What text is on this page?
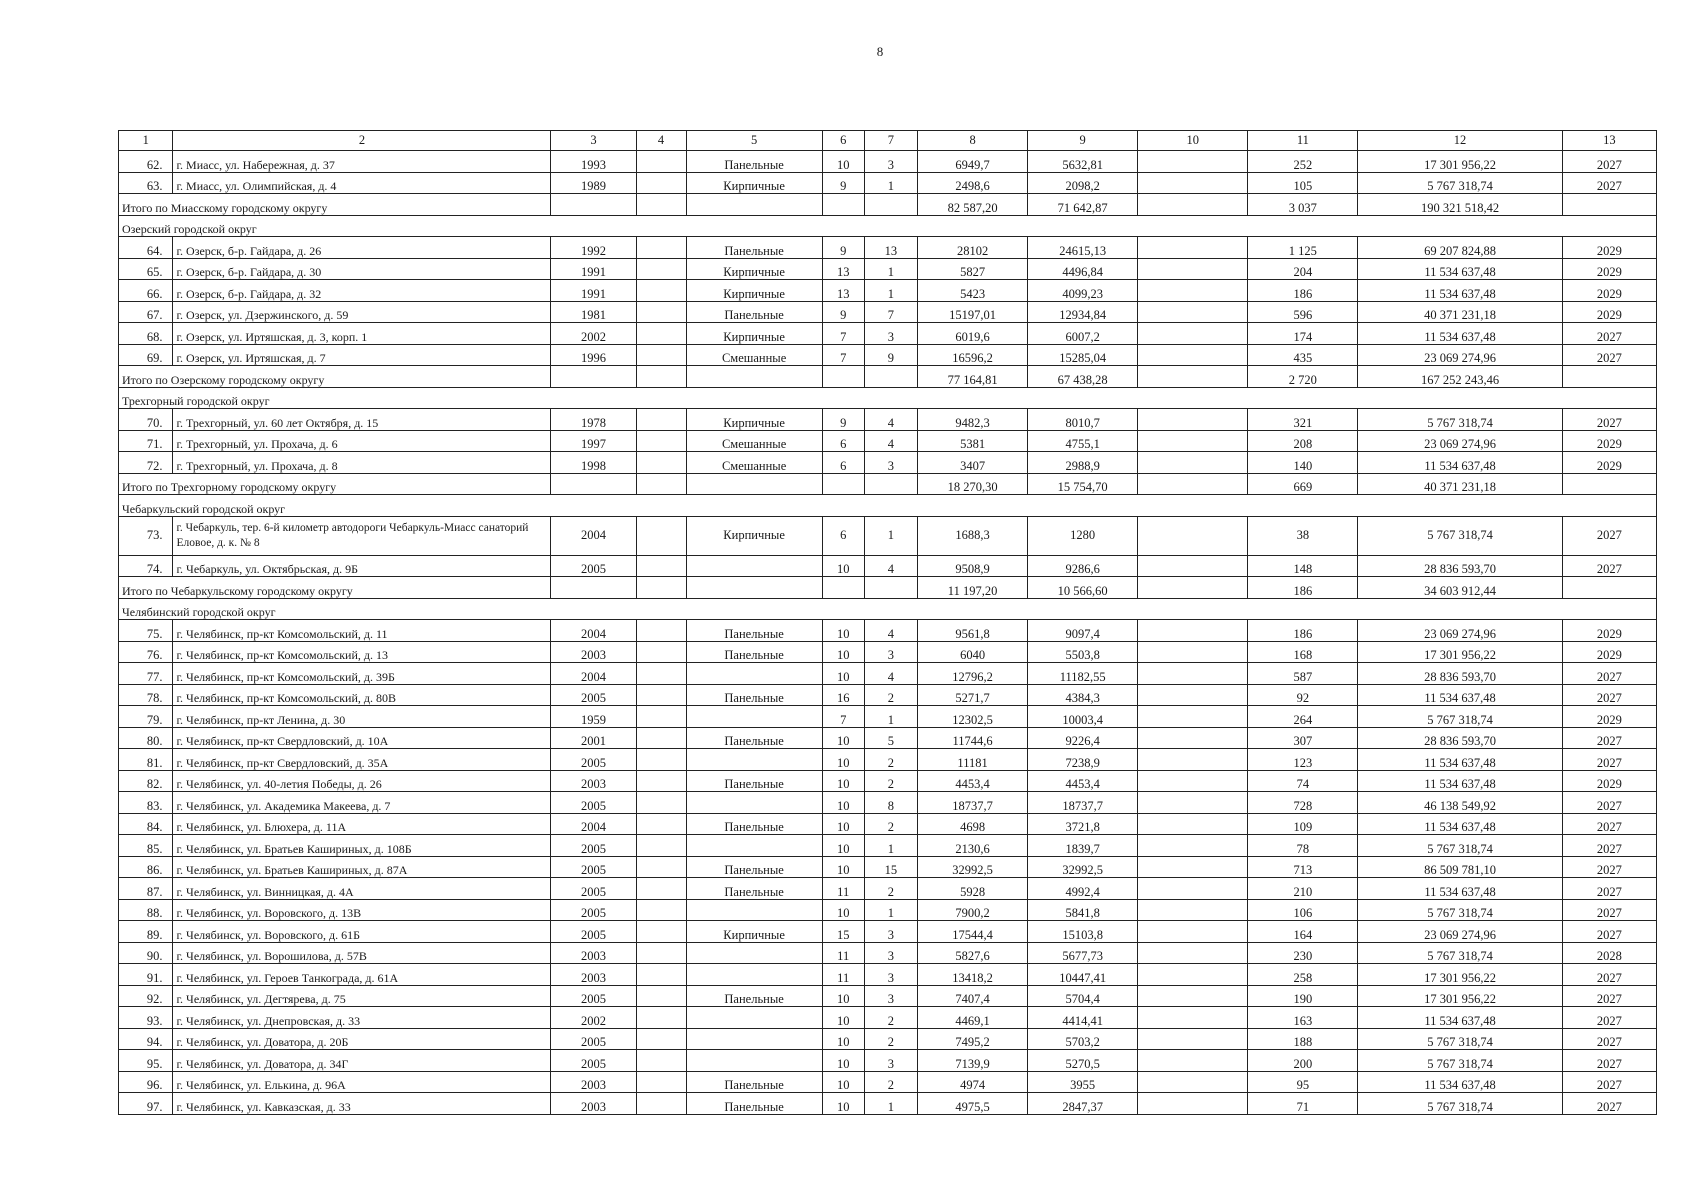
8
1	2	3	4	5	6	7	8	9	10	11	12	13
62.	г. Миасс, ул. Набережная, д. 37	1993		Панельные	10	3	6949,7	5632,81		252	17 301 956,22	2027
63.	г. Миасс, ул. Олимпийская, д. 4	1989		Кирпичные	9	1	2498,6	2098,2		105	5 767 318,74	2027
Итого по Миасскому городскому округу							82 587,20	71 642,87		3 037	190 321 518,42	
Озерский городской округ												
64.	г. Озерск, б-р. Гайдара, д. 26	1992		Панельные	9	13	28102	24615,13		1 125	69 207 824,88	2029
65.	г. Озерск, б-р. Гайдара, д. 30	1991		Кирпичные	13	1	5827	4496,84		204	11 534 637,48	2029
66.	г. Озерск, б-р. Гайдара, д. 32	1991		Кирпичные	13	1	5423	4099,23		186	11 534 637,48	2029
67.	г. Озерск, ул. Дзержинского, д. 59	1981		Панельные	9	7	15197,01	12934,84		596	40 371 231,18	2029
68.	г. Озерск, ул. Иртяшская, д. 3, корп. 1	2002		Кирпичные	7	3	6019,6	6007,2		174	11 534 637,48	2027
69.	г. Озерск, ул. Иртяшская, д. 7	1996		Смешанные	7	9	16596,2	15285,04		435	23 069 274,96	2027
Итого по Озерскому городскому округу							77 164,81	67 438,28		2 720	167 252 243,46	
Трехгорный городской округ												
70.	г. Трехгорный, ул. 60 лет Октября, д. 15	1978		Кирпичные	9	4	9482,3	8010,7		321	5 767 318,74	2027
71.	г. Трехгорный, ул. Прохача, д. 6	1997		Смешанные	6	4	5381	4755,1		208	23 069 274,96	2029
72.	г. Трехгорный, ул. Прохача, д. 8	1998		Смешанные	6	3	3407	2988,9		140	11 534 637,48	2029
Итого по Трехгорному городскому округу							18 270,30	15 754,70		669	40 371 231,18	
Чебаркульский городской округ												
73.	г. Чебаркуль, тер. 6-й километр автодороги Чебаркуль-Миасс санаторий Еловое, д. к. № 8	2004		Кирпичные	6	1	1688,3	1280		38	5 767 318,74	2027
74.	г. Чебаркуль, ул. Октябрьская, д. 9Б	2005			10	4	9508,9	9286,6		148	28 836 593,70	2027
Итого по Чебаркульскому городскому округу							11 197,20	10 566,60		186	34 603 912,44	
Челябинский городской округ												
75.	г. Челябинск, пр-кт Комсомольский, д. 11	2004		Панельные	10	4	9561,8	9097,4		186	23 069 274,96	2029
76.	г. Челябинск, пр-кт Комсомольский, д. 13	2003		Панельные	10	3	6040	5503,8		168	17 301 956,22	2029
77.	г. Челябинск, пр-кт Комсомольский, д. 39Б	2004			10	4	12796,2	11182,55		587	28 836 593,70	2027
78.	г. Челябинск, пр-кт Комсомольский, д. 80В	2005		Панельные	16	2	5271,7	4384,3		92	11 534 637,48	2027
79.	г. Челябинск, пр-кт Ленина, д. 30	1959			7	1	12302,5	10003,4		264	5 767 318,74	2029
80.	г. Челябинск, пр-кт Свердловский, д. 10А	2001		Панельные	10	5	11744,6	9226,4		307	28 836 593,70	2027
81.	г. Челябинск, пр-кт Свердловский, д. 35А	2005			10	2	11181	7238,9		123	11 534 637,48	2027
82.	г. Челябинск, ул. 40-летия Победы, д. 26	2003		Панельные	10	2	4453,4	4453,4		74	11 534 637,48	2029
83.	г. Челябинск, ул. Академика Макеева, д. 7	2005			10	8	18737,7	18737,7		728	46 138 549,92	2027
84.	г. Челябинск, ул. Блюхера, д. 11А	2004		Панельные	10	2	4698	3721,8		109	11 534 637,48	2027
85.	г. Челябинск, ул. Братьев Кашириных, д. 108Б	2005			10	1	2130,6	1839,7		78	5 767 318,74	2027
86.	г. Челябинск, ул. Братьев Кашириных, д. 87А	2005		Панельные	10	15	32992,5	32992,5		713	86 509 781,10	2027
87.	г. Челябинск, ул. Винницкая, д. 4А	2005		Панельные	11	2	5928	4992,4		210	11 534 637,48	2027
88.	г. Челябинск, ул. Воровского, д. 13В	2005			10	1	7900,2	5841,8		106	5 767 318,74	2027
89.	г. Челябинск, ул. Воровского, д. 61Б	2005		Кирпичные	15	3	17544,4	15103,8		164	23 069 274,96	2027
90.	г. Челябинск, ул. Ворошилова, д. 57В	2003			11	3	5827,6	5677,73		230	5 767 318,74	2028
91.	г. Челябинск, ул. Героев Танкограда, д. 61А	2003			11	3	13418,2	10447,41		258	17 301 956,22	2027
92.	г. Челябинск, ул. Дегтярева, д. 75	2005		Панельные	10	3	7407,4	5704,4		190	17 301 956,22	2027
93.	г. Челябинск, ул. Днепровская, д. 33	2002			10	2	4469,1	4414,41		163	11 534 637,48	2027
94.	г. Челябинск, ул. Доватора, д. 20Б	2005			10	2	7495,2	5703,2		188	5 767 318,74	2027
95.	г. Челябинск, ул. Доватора, д. 34Г	2005			10	3	7139,9	5270,5		200	5 767 318,74	2027
96.	г. Челябинск, ул. Елькина, д. 96А	2003		Панельные	10	2	4974	3955		95	11 534 637,48	2027
97.	г. Челябинск, ул. Кавказская, д. 33	2003		Панельные	10	1	4975,5	2847,37		71	5 767 318,74	2027
